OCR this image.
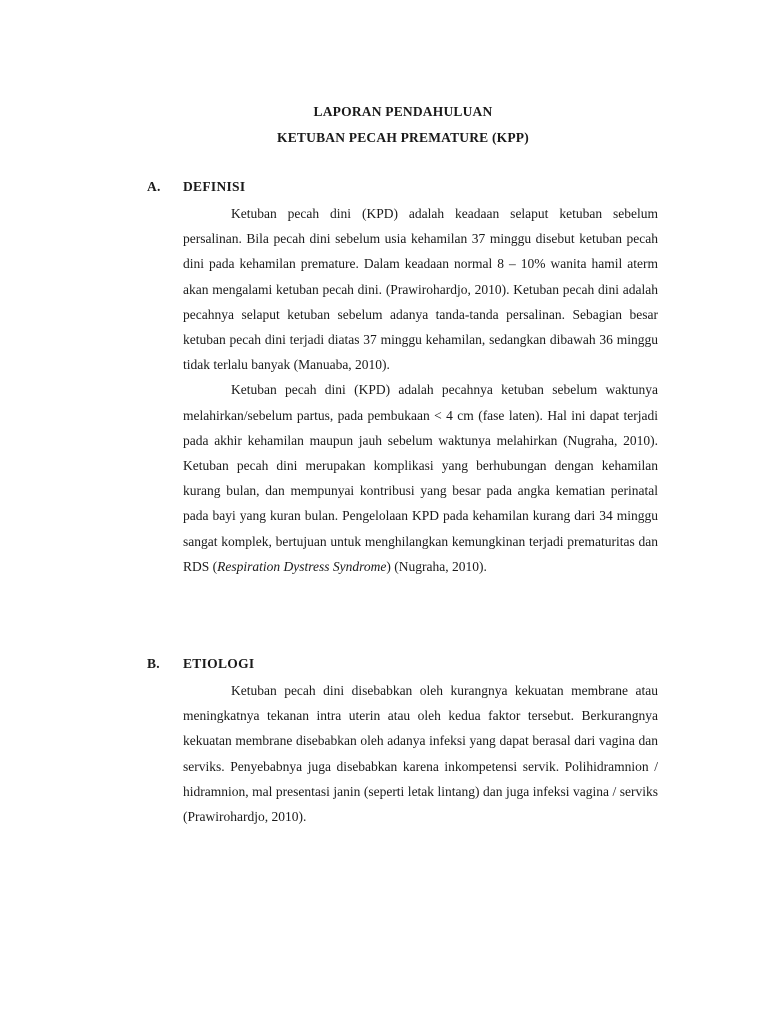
LAPORAN PENDAHULUAN
KETUBAN PECAH PREMATURE (KPP)
A. DEFINISI

Ketuban pecah dini (KPD) adalah keadaan selaput ketuban sebelum persalinan. Bila pecah dini sebelum usia kehamilan 37 minggu disebut ketuban pecah dini pada kehamilan premature. Dalam keadaan normal 8 – 10% wanita hamil aterm akan mengalami ketuban pecah dini. (Prawirohardjo, 2010). Ketuban pecah dini adalah pecahnya selaput ketuban sebelum adanya tanda-tanda persalinan. Sebagian besar ketuban pecah dini terjadi diatas 37 minggu kehamilan, sedangkan dibawah 36 minggu tidak terlalu banyak (Manuaba, 2010).

Ketuban pecah dini (KPD) adalah pecahnya ketuban sebelum waktunya melahirkan/sebelum partus, pada pembukaan < 4 cm (fase laten). Hal ini dapat terjadi pada akhir kehamilan maupun jauh sebelum waktunya melahirkan (Nugraha, 2010). Ketuban pecah dini merupakan komplikasi yang berhubungan dengan kehamilan kurang bulan, dan mempunyai kontribusi yang besar pada angka kematian perinatal pada bayi yang kuran bulan. Pengelolaan KPD pada kehamilan kurang dari 34 minggu sangat komplek, bertujuan untuk menghilangkan kemungkinan terjadi prematuritas dan RDS (Respiration Dystress Syndrome) (Nugraha, 2010).

B. ETIOLOGI

Ketuban pecah dini disebabkan oleh kurangnya kekuatan membrane atau meningkatnya tekanan intra uterin atau oleh kedua faktor tersebut. Berkurangnya kekuatan membrane disebabkan oleh adanya infeksi yang dapat berasal dari vagina dan serviks. Penyebabnya juga disebabkan karena inkompetensi servik. Polihidramnion / hidramnion, mal presentasi janin (seperti letak lintang) dan juga infeksi vagina / serviks (Prawirohardjo, 2010).
